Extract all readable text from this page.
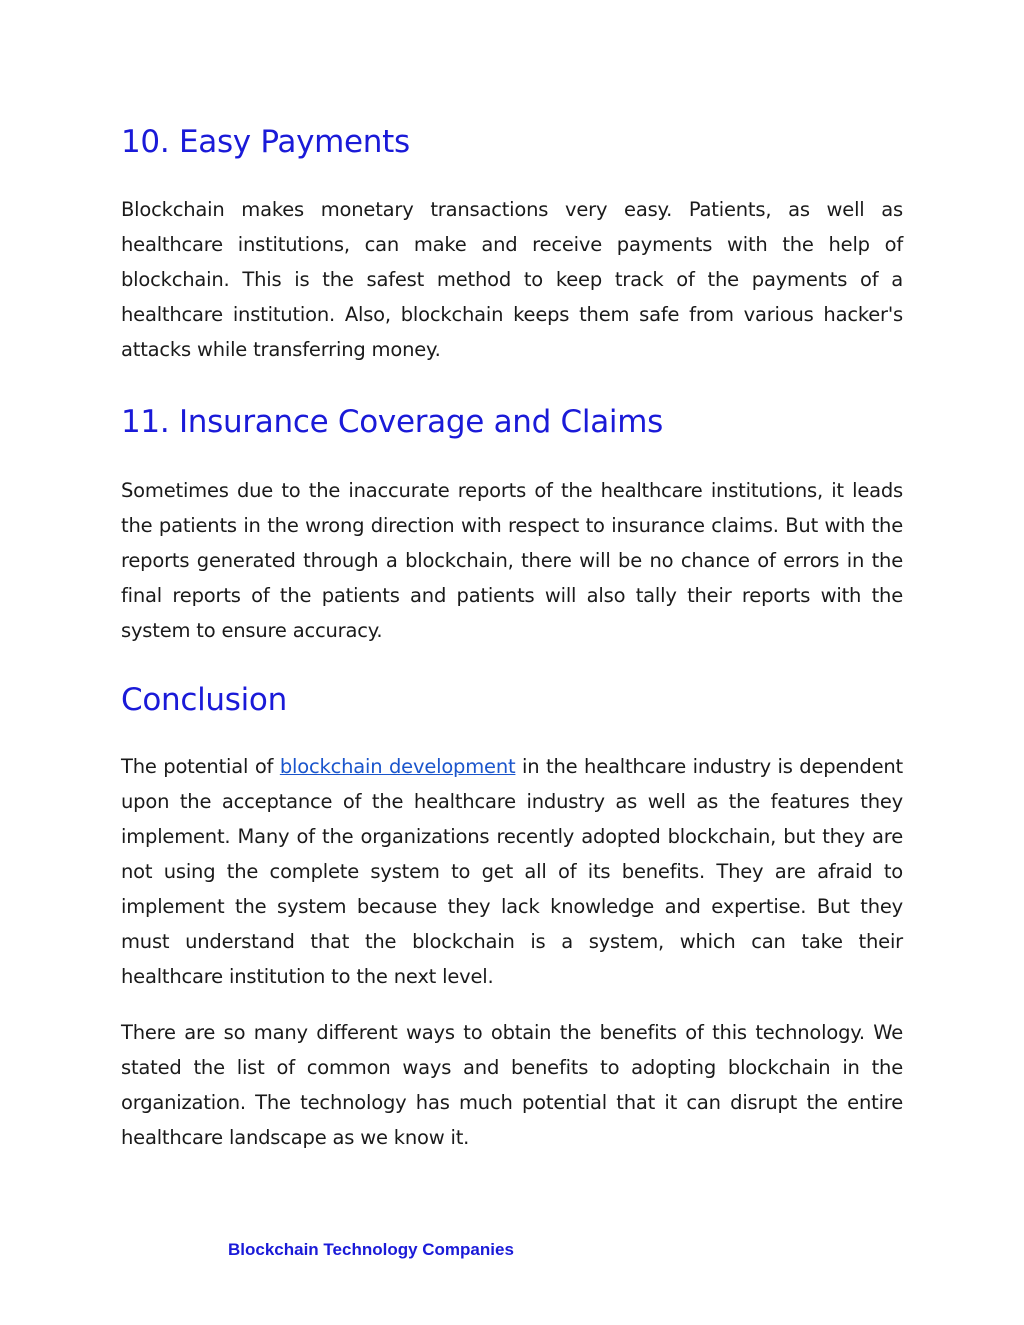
10. Easy Payments

Blockchain makes monetary transactions very easy. Patients, as well as healthcare institutions, can make and receive payments with the help of blockchain. This is the safest method to keep track of the payments of a healthcare institution. Also, blockchain keeps them safe from various hacker's attacks while transferring money.

11. Insurance Coverage and Claims

Sometimes due to the inaccurate reports of the healthcare institutions, it leads the patients in the wrong direction with respect to insurance claims. But with the reports generated through a blockchain, there will be no chance of errors in the final reports of the patients and patients will also tally their reports with the system to ensure accuracy.

Conclusion

The potential of blockchain development in the healthcare industry is dependent upon the acceptance of the healthcare industry as well as the features they implement. Many of the organizations recently adopted blockchain, but they are not using the complete system to get all of its benefits. They are afraid to implement the system because they lack knowledge and expertise. But they must understand that the blockchain is a system, which can take their healthcare institution to the next level.

There are so many different ways to obtain the benefits of this technology. We stated the list of common ways and benefits to adopting blockchain in the organization. The technology has much potential that it can disrupt the entire healthcare landscape as we know it.

Blockchain Technology Companies
